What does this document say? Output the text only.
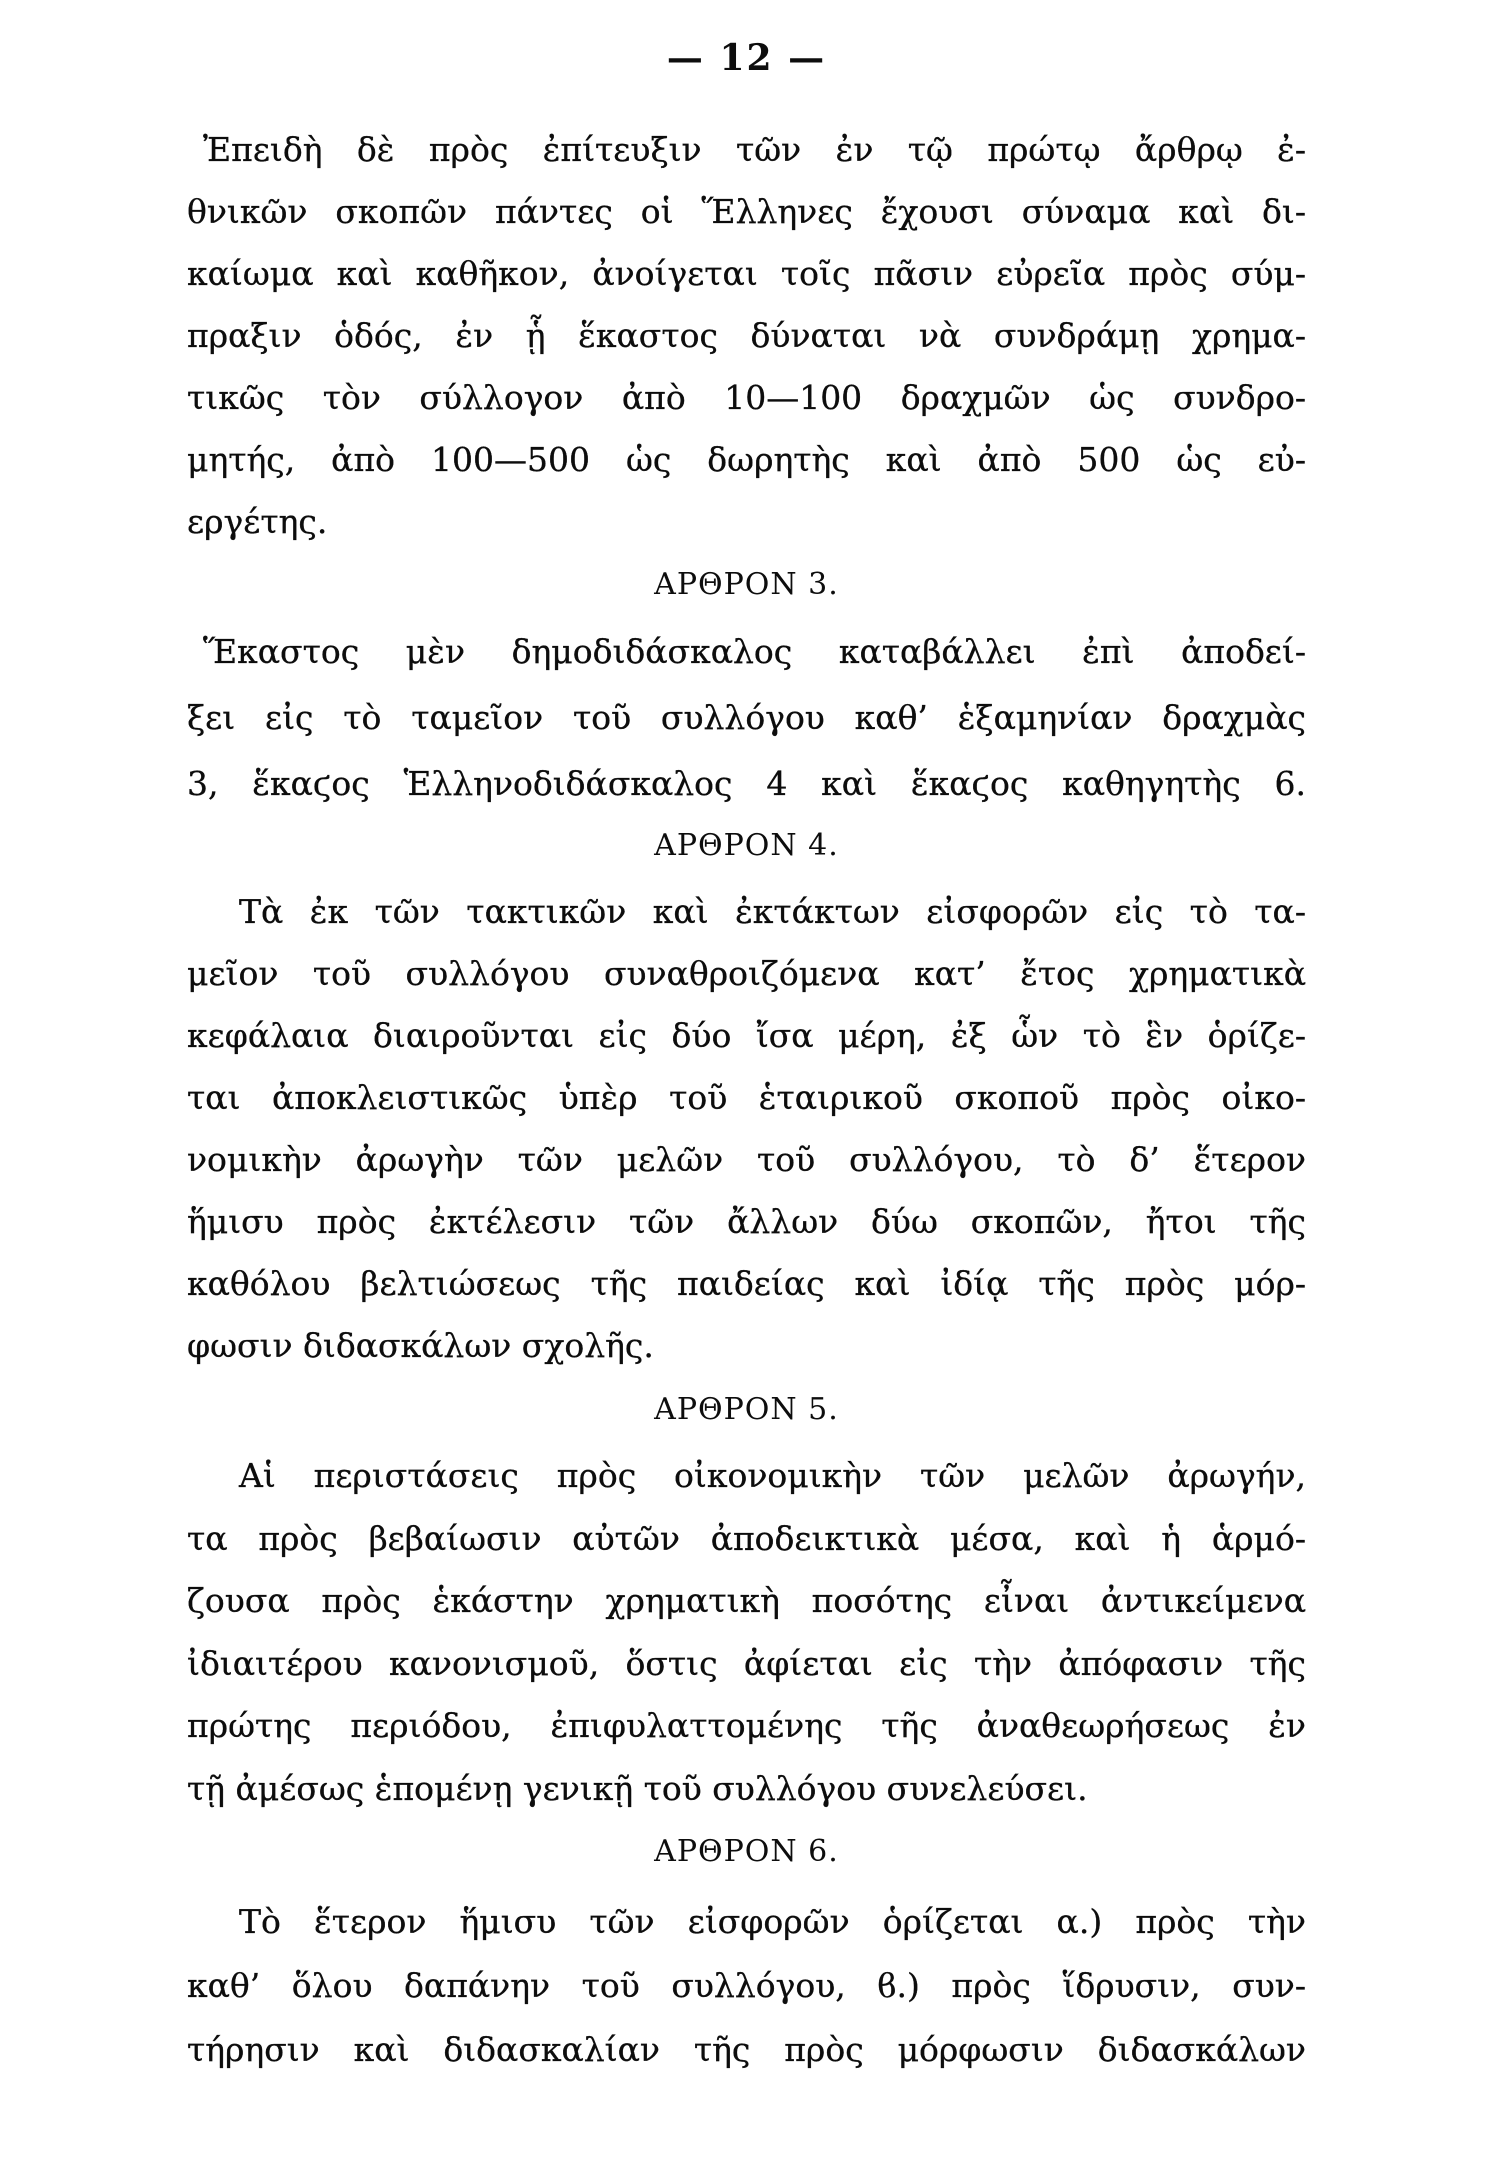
— 12 —
Ἐπειδὴ δὲ πρὸς ἐπίτευξιν τῶν ἐν τῷ πρώτῳ ἄρθρῳ ἐ-
θνικῶν σκοπῶν πάντες οἱ Ἕλληνες ἔχουσι σύναμα καὶ δι-
καίωμα καὶ καθῆκον, ἀνοίγεται τοῖς πᾶσιν εὐρεῖα πρὸς σύμ-
πραξιν ὁδός, ἐν ᾗ ἕκαστος δύναται νὰ συνδράμῃ χρημα-
τικῶς τὸν σύλλογον ἀπὸ 10—100 δραχμῶν ὡς συνδρο-
μητής, ἀπὸ 100—500 ὡς δωρητὴς καὶ ἀπὸ 500 ὡς εὐ-
εργέτης.
ΑΡΘΡΟΝ 3.
Ἕκαστος μὲν δημοδιδάσκαλος καταβάλλει ἐπὶ ἀποδεί-
ξει εἰς τὸ ταμεῖον τοῦ συλλόγου καθ’ ἑξαμηνίαν δραχμὰς
3, ἕκαϛος Ἑλληνοδιδάσκαλος 4 καὶ ἕκαϛος καθηγητὴς 6.
ΑΡΘΡΟΝ 4.
Τὰ ἐκ τῶν τακτικῶν καὶ ἐκτάκτων εἰσφορῶν εἰς τὸ τα-
μεῖον τοῦ συλλόγου συναθροιζόμενα κατ’ ἔτος χρηματικὰ
κεφάλαια διαιροῦνται εἰς δύο ἴσα μέρη, ἐξ ὧν τὸ ἓν ὁρίζε-
ται ἀποκλειστικῶς ὑπὲρ τοῦ ἑταιρικοῦ σκοποῦ πρὸς οἰκο-
νομικὴν ἀρωγὴν τῶν μελῶν τοῦ συλλόγου, τὸ δ’ ἕτερον
ἥμισυ πρὸς ἐκτέλεσιν τῶν ἄλλων δύω σκοπῶν, ἤτοι τῆς
καθόλου βελτιώσεως τῆς παιδείας καὶ ἰδίᾳ τῆς πρὸς μόρ-
φωσιν διδασκάλων σχολῆς.
ΑΡΘΡΟΝ 5.
Αἱ περιστάσεις πρὸς οἰκονομικὴν τῶν μελῶν ἀρωγήν,
τα πρὸς βεβαίωσιν αὐτῶν ἀποδεικτικὰ μέσα, καὶ ἡ ἁρμό-
ζουσα πρὸς ἑκάστην χρηματικὴ ποσότης εἶναι ἀντικείμενα
ἰδιαιτέρου κανονισμοῦ, ὅστις ἀφίεται εἰς τὴν ἀπόφασιν τῆς
πρώτης περιόδου, ἐπιφυλαττομένης τῆς ἀναθεωρήσεως ἐν
τῇ ἀμέσως ἑπομένῃ γενικῇ τοῦ συλλόγου συνελεύσει.
ΑΡΘΡΟΝ 6.
Τὸ ἕτερον ἥμισυ τῶν εἰσφορῶν ὁρίζεται α.) πρὸς τὴν
καθ’ ὅλου δαπάνην τοῦ συλλόγου, ϐ.) πρὸς ἵδρυσιν, συν-
τήρησιν καὶ διδασκαλίαν τῆς πρὸς μόρφωσιν διδασκάλων
